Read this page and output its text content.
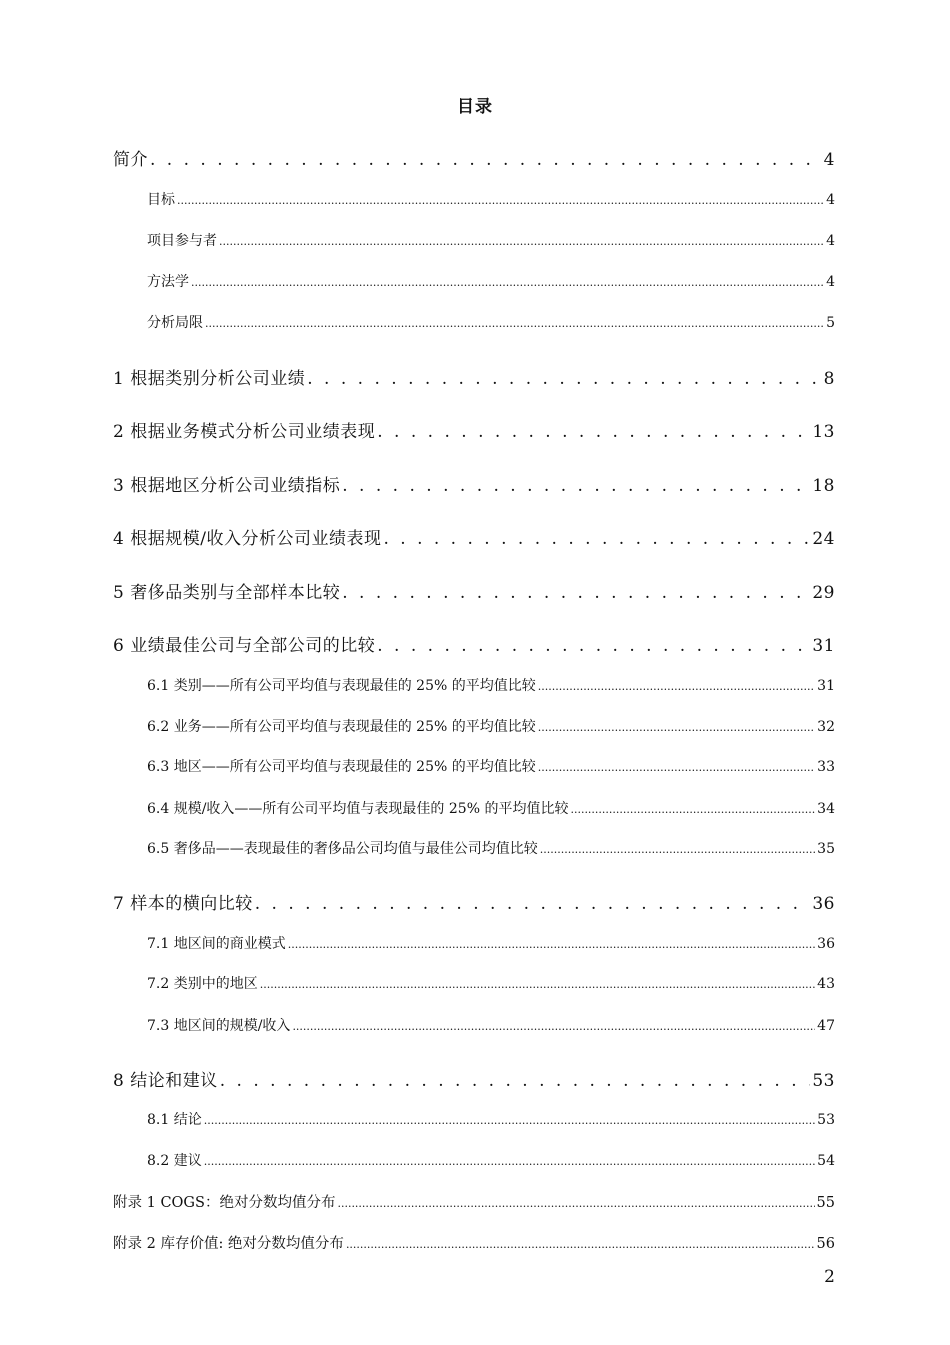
目录
简介 . . .	4
目标 .....	4
项目参与者 .....	4
方法学 .....	4
分析局限 .....	5
1 根据类别分析公司业绩 . . .	8
2 根据业务模式分析公司业绩表现 . . .	13
3 根据地区分析公司业绩指标 . . .	18
4 根据规模/收入分析公司业绩表现 . . .	24
5 奢侈品类别与全部样本比较 . . .	29
6 业绩最佳公司与全部公司的比较 . . .	31
6.1 类别——所有公司平均值与表现最佳的 25% 的平均值比较 .....	31
6.2 业务——所有公司平均值与表现最佳的 25% 的平均值比较 .....	32
6.3 地区——所有公司平均值与表现最佳的 25% 的平均值比较 .....	33
6.4 规模/收入——所有公司平均值与表现最佳的 25% 的平均值比较 .....	34
6.5 奢侈品——表现最佳的奢侈品公司均值与最佳公司均值比较 .....	35
7 样本的横向比较 . . .	36
7.1 地区间的商业模式 .....	36
7.2 类别中的地区 .....	43
7.3 地区间的规模/收入 .....	47
8 结论和建议 . . .	53
8.1 结论 .....	53
8.2 建议 .....	54
附录 1 COGS：绝对分数均值分布 .....	55
附录 2 库存价值: 绝对分数均值分布 .....	56
2
